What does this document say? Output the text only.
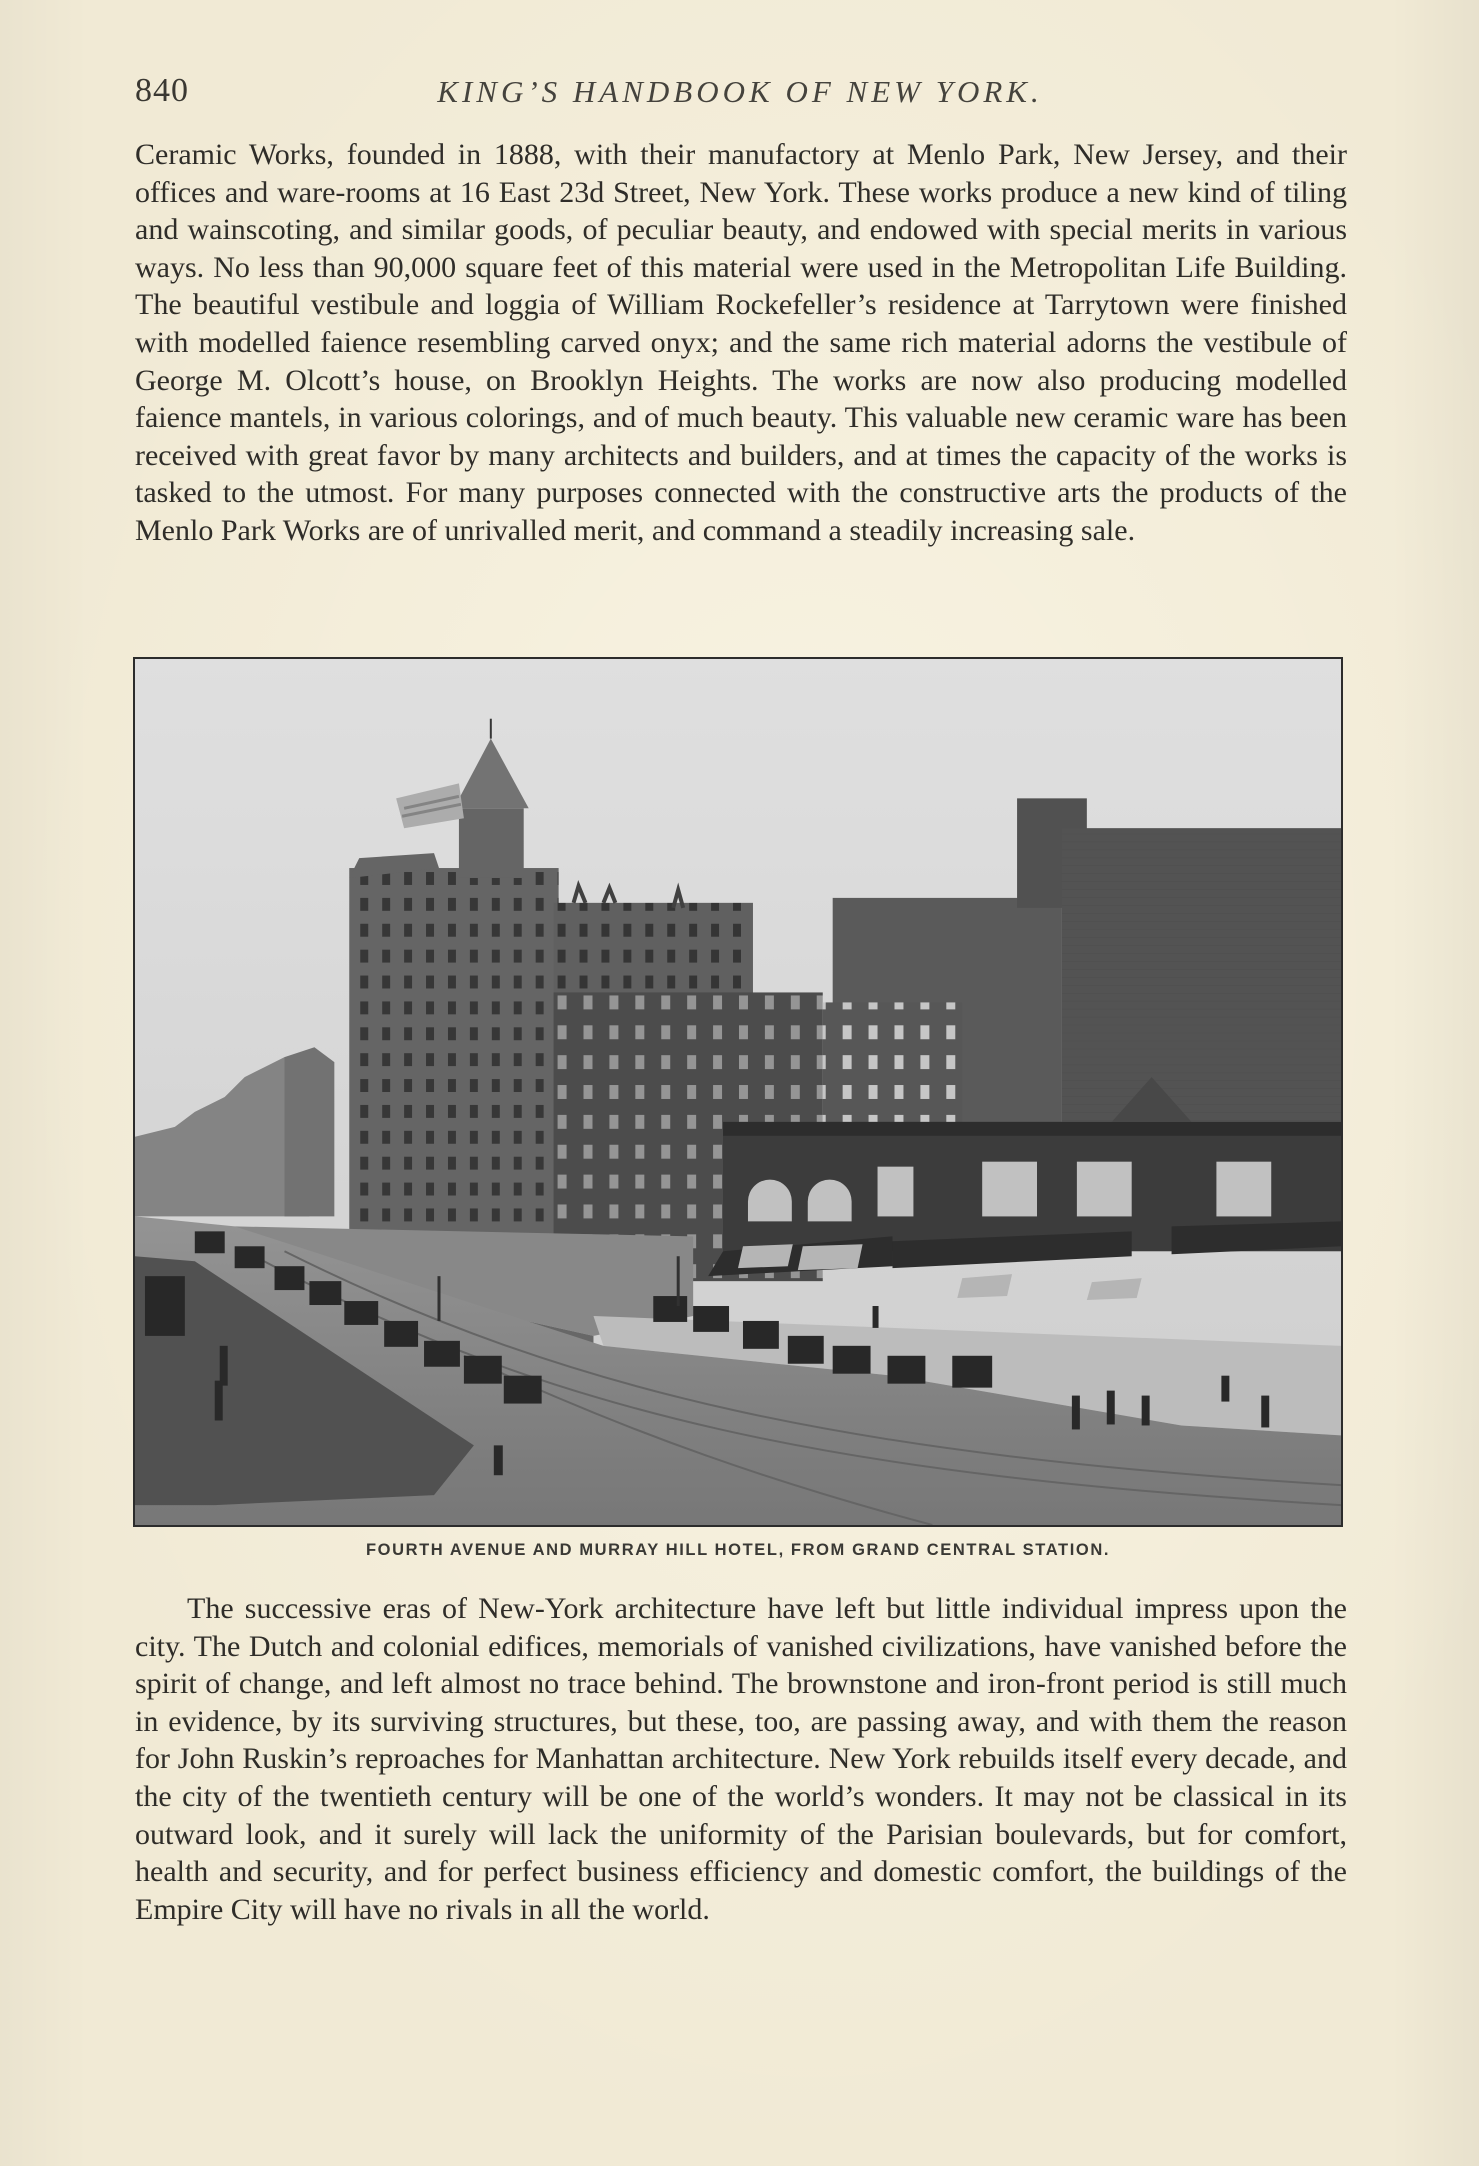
840	KING’S HANDBOOK OF NEW YORK.

Ceramic Works, founded in 1888, with their manufactory at Menlo Park, New Jersey, and their offices and ware-rooms at 16 East 23d Street, New York. These works produce a new kind of tiling and wainscoting, and similar goods, of peculiar beauty, and endowed with special merits in various ways. No less than 90,000 square feet of this material were used in the Metropolitan Life Building. The beautiful vestibule and loggia of William Rockefeller’s residence at Tarrytown were finished with modelled faience resembling carved onyx; and the same rich material adorns the vestibule of George M. Olcott’s house, on Brooklyn Heights. The works are now also producing modelled faience mantels, in various colorings, and of much beauty. This valuable new ceramic ware has been received with great favor by many architects and builders, and at times the capacity of the works is tasked to the utmost. For many purposes connected with the constructive arts the products of the Menlo Park Works are of unrivalled merit, and command a steadily increasing sale.

FOURTH AVENUE AND MURRAY HILL HOTEL, FROM GRAND CENTRAL STATION.

The successive eras of New-York architecture have left but little individual impress upon the city. The Dutch and colonial edifices, memorials of vanished civilizations, have vanished before the spirit of change, and left almost no trace behind. The brownstone and iron-front period is still much in evidence, by its surviving structures, but these, too, are passing away, and with them the reason for John Ruskin’s reproaches for Manhattan architecture. New York rebuilds itself every decade, and the city of the twentieth century will be one of the world’s wonders. It may not be classical in its outward look, and it surely will lack the uniformity of the Parisian boulevards, but for comfort, health and security, and for perfect business efficiency and domestic comfort, the buildings of the Empire City will have no rivals in all the world.
